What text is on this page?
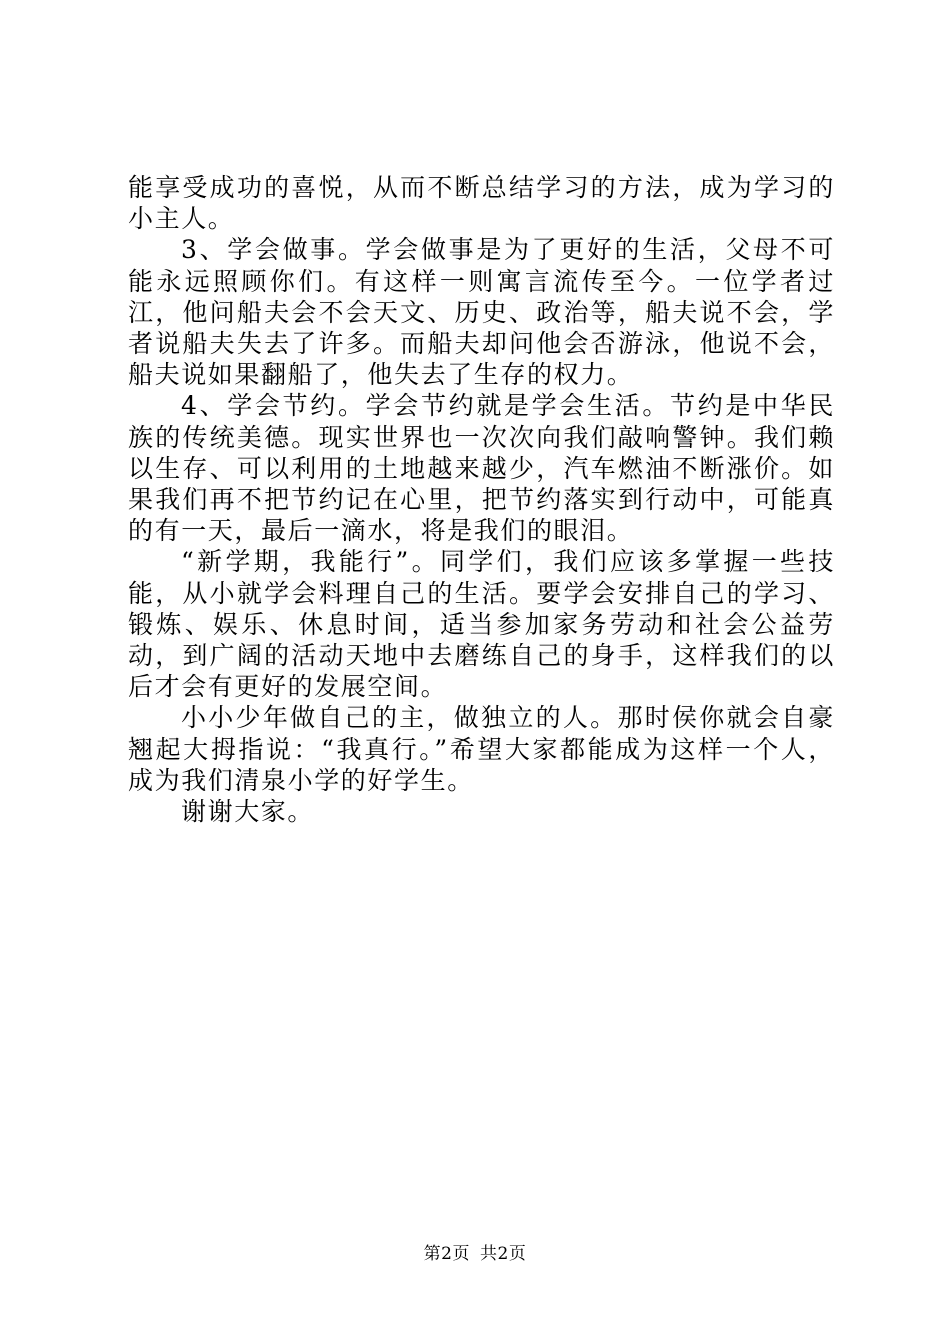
能享受成功的喜悦，从而不断总结学习的方法，成为学习的小主人。

3、学会做事。学会做事是为了更好的生活，父母不可能永远照顾你们。有这样一则寓言流传至今。一位学者过江，他问船夫会不会天文、历史、政治等，船夫说不会，学者说船夫失去了许多。而船夫却问他会否游泳，他说不会，船夫说如果翻船了，他失去了生存的权力。

4、学会节约。学会节约就是学会生活。节约是中华民族的传统美德。现实世界也一次次向我们敲响警钟。我们赖以生存、可以利用的土地越来越少，汽车燃油不断涨价。如果我们再不把节约记在心里，把节约落实到行动中，可能真的有一天，最后一滴水，将是我们的眼泪。

“新学期，我能行”。同学们，我们应该多掌握一些技能，从小就学会料理自己的生活。要学会安排自己的学习、锻炼、娱乐、休息时间，适当参加家务劳动和社会公益劳动，到广阔的活动天地中去磨练自己的身手，这样我们的以后才会有更好的发展空间。

小小少年做自己的主，做独立的人。那时侯你就会自豪翘起大拇指说：“我真行。”希望大家都能成为这样一个人，成为我们清泉小学的好学生。

谢谢大家。

第2页 共2页
